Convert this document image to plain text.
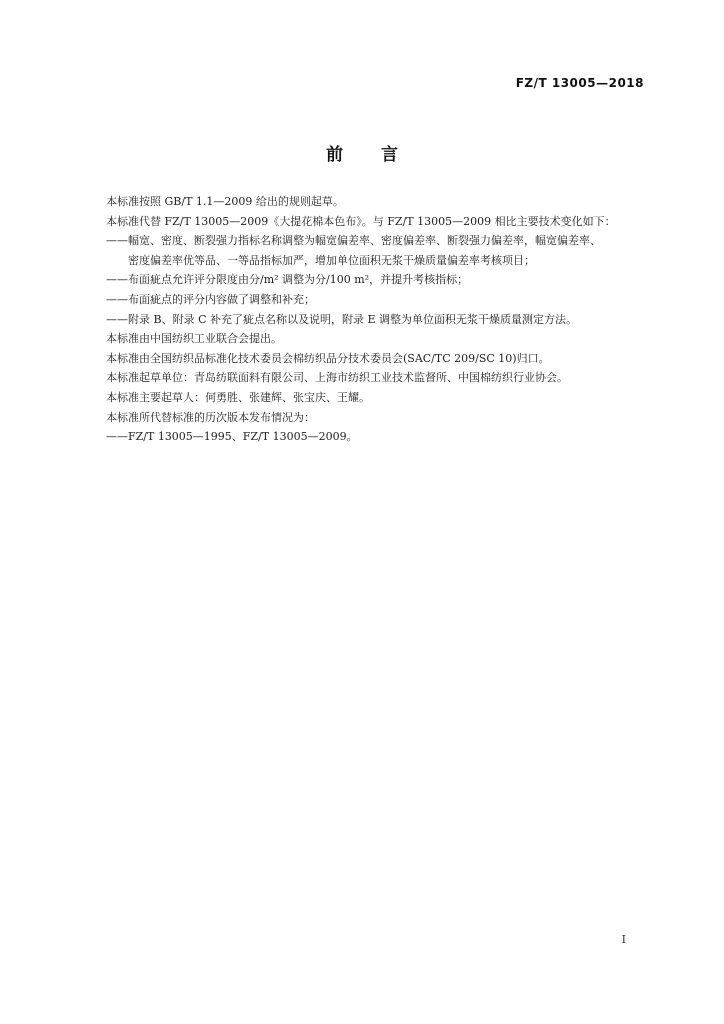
FZ/T 13005—2018
前言

本标准按照 GB/T 1.1—2009 给出的规则起草。

本标准代替 FZ/T 13005—2009《大提花棉本色布》。与 FZ/T 13005—2009 相比主要技术变化如下：

——幅宽、密度、断裂强力指标名称调整为幅宽偏差率、密度偏差率、断裂强力偏差率，幅宽偏差率、
密度偏差率优等品、一等品指标加严，增加单位面积无浆干燥质量偏差率考核项目；

——布面疵点允许评分限度由分/m² 调整为分/100 m²，并提升考核指标；

——布面疵点的评分内容做了调整和补充；

——附录 B、附录 C 补充了疵点名称以及说明，附录 E 调整为单位面积无浆干燥质量测定方法。

本标准由中国纺织工业联合会提出。

本标准由全国纺织品标准化技术委员会棉纺织品分技术委员会(SAC/TC 209/SC 10)归口。

本标准起草单位：青岛纺联面料有限公司、上海市纺织工业技术监督所、中国棉纺织行业协会。

本标准主要起草人：何勇胜、张建辉、张宝庆、王耀。

本标准所代替标准的历次版本发布情况为：

——FZ/T 13005—1995、FZ/T 13005—2009。

I
